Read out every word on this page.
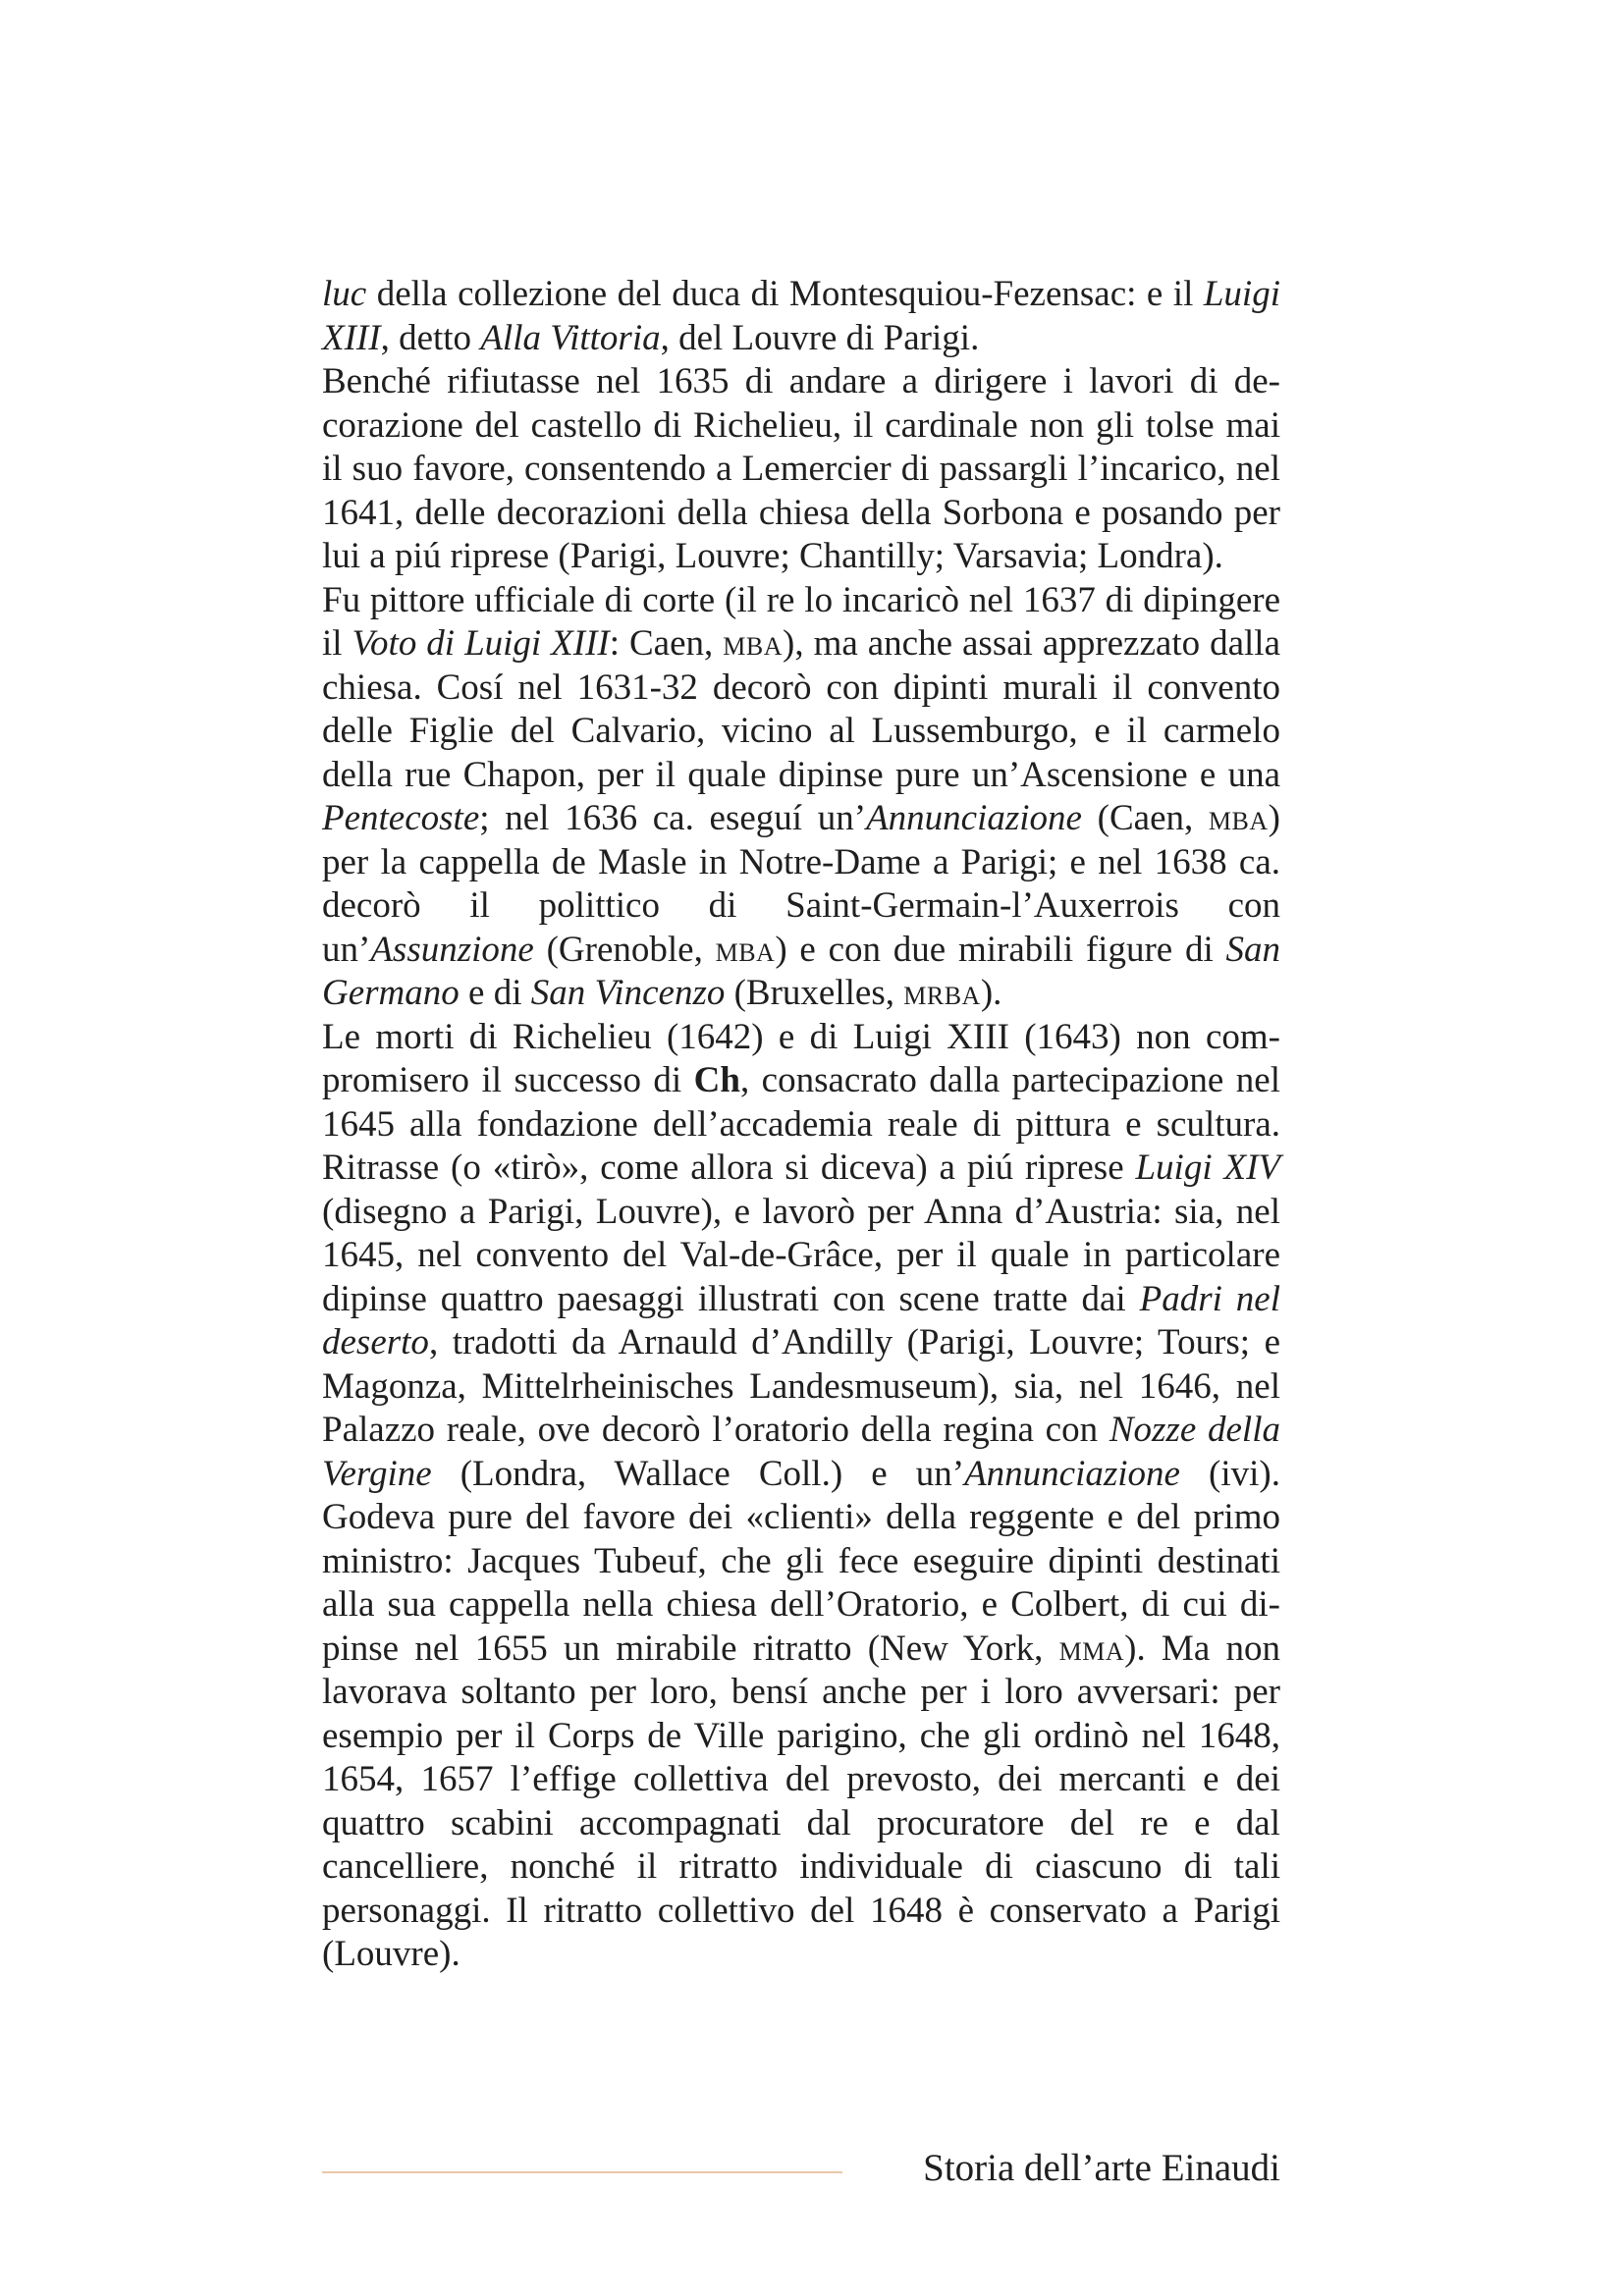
luc della collezione del duca di Montesquiou-Fezensac: e il Luigi XIII, detto Alla Vittoria, del Louvre di Parigi.

Benché rifiutasse nel 1635 di andare a dirigere i lavori di decorazione del castello di Richelieu, il cardinale non gli tolse mai il suo favore, consentendo a Lemercier di passargli l’incarico, nel 1641, delle decorazioni della chiesa della Sorbona e posando per lui a piú riprese (Parigi, Louvre; Chantilly; Varsavia; Londra).

Fu pittore ufficiale di corte (il re lo incaricò nel 1637 di dipingere il Voto di Luigi XIII: Caen, mba), ma anche assai apprezzato dalla chiesa. Cosí nel 1631-32 decorò con dipinti murali il convento delle Figlie del Calvario, vicino al Lussemburgo, e il carmelo della rue Chapon, per il quale dipinse pure un’Ascensione e una Pentecoste; nel 1636 ca. eseguí un’Annunciazione (Caen, mba) per la cappella de Masle in Notre-Dame a Parigi; e nel 1638 ca. decorò il polittico di Saint-Germain-l’Auxerrois con un’Assunzione (Grenoble, mba) e con due mirabili figure di San Germano e di San Vincenzo (Bruxelles, mrba).

Le morti di Richelieu (1642) e di Luigi XIII (1643) non compromisero il successo di Ch, consacrato dalla partecipazione nel 1645 alla fondazione dell’accademia reale di pittura e scultura. Ritrasse (o «tirò», come allora si diceva) a piú riprese Luigi XIV (disegno a Parigi, Louvre), e lavorò per Anna d’Austria: sia, nel 1645, nel convento del Val-de-Grâce, per il quale in particolare dipinse quattro paesaggi illustrati con scene tratte dai Padri nel deserto, tradotti da Arnauld d’Andilly (Parigi, Louvre; Tours; e Magonza, Mittelrheinisches Landesmuseum), sia, nel 1646, nel Palazzo reale, ove decorò l’oratorio della regina con Nozze della Vergine (Londra, Wallace Coll.) e un’Annunciazione (ivi). Godeva pure del favore dei «clienti» della reggente e del primo ministro: Jacques Tubeuf, che gli fece eseguire dipinti destinati alla sua cappella nella chiesa dell’Oratorio, e Colbert, di cui dipinse nel 1655 un mirabile ritratto (New York, mma). Ma non lavorava soltanto per loro, bensí anche per i loro avversari: per esempio per il Corps de Ville parigino, che gli ordinò nel 1648, 1654, 1657 l’effige collettiva del prevosto, dei mercanti e dei quattro scabini accompagnati dal procuratore del re e dal cancelliere, nonché il ritratto individuale di ciascuno di tali personaggi. Il ritratto collettivo del 1648 è conservato a Parigi (Louvre).

Storia dell’arte Einaudi
